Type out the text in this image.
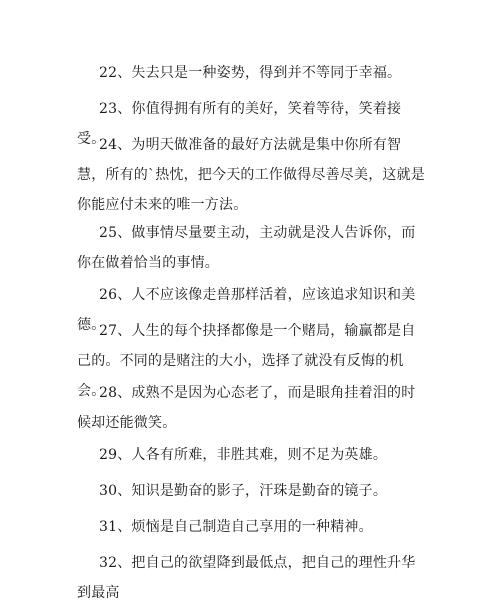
22、失去只是一种姿势，得到并不等同于幸福。

23、你值得拥有所有的美好，笑着等待，笑着接受。

24、为明天做准备的最好方法就是集中你所有智慧，所有的`热忱，把今天的工作做得尽善尽美，这就是你能应付未来的唯一方法。

25、做事情尽量要主动，主动就是没人告诉你，而你在做着恰当的事情。

26、人不应该像走兽那样活着，应该追求知识和美德。

27、人生的每个抉择都像是一个赌局，输赢都是自己的。不同的是赌注的大小，选择了就没有反悔的机会。

28、成熟不是因为心态老了，而是眼角挂着泪的时候却还能微笑。

29、人各有所难，非胜其难，则不足为英雄。

30、知识是勤奋的影子，汗珠是勤奋的镜子。

31、烦恼是自己制造自己享用的一种精神。

32、把自己的欲望降到最低点，把自己的理性升华到最高
